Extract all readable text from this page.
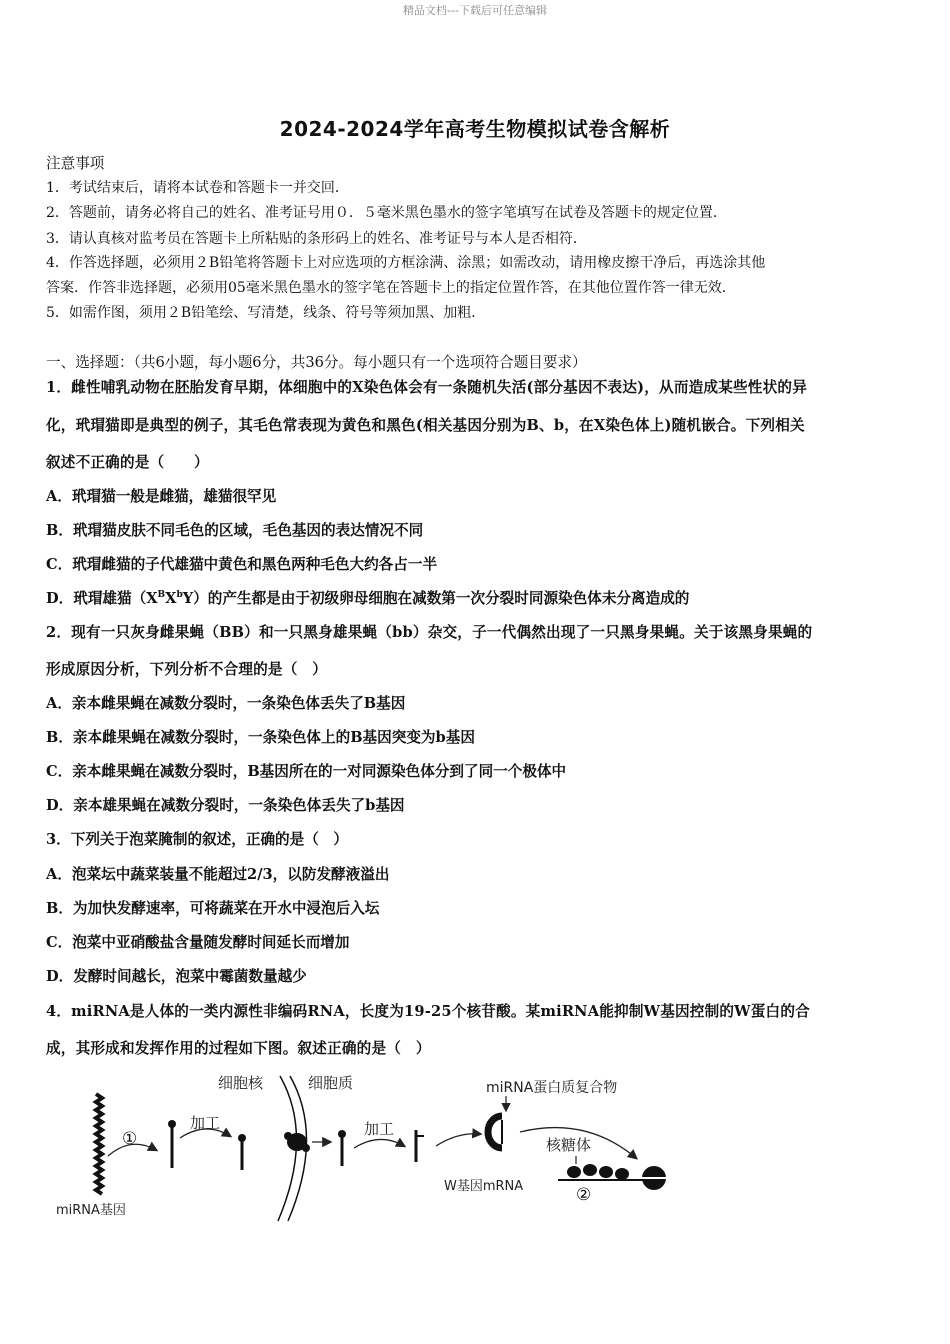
精品文档---下载后可任意编辑
2024-2024学年高考生物模拟试卷含解析
注意事项
1．考试结束后，请将本试卷和答题卡一并交回．
2．答题前，请务必将自己的姓名、准考证号用０．５毫米黑色墨水的签字笔填写在试卷及答题卡的规定位置．
3．请认真核对监考员在答题卡上所粘贴的条形码上的姓名、准考证号与本人是否相符．
4．作答选择题，必须用２B铅笔将答题卡上对应选项的方框涂满、涂黑；如需改动，请用橡皮擦干净后，再选涂其他
答案．作答非选择题，必须用05毫米黑色墨水的签字笔在答题卡上的指定位置作答，在其他位置作答一律无效．
5．如需作图，须用２B铅笔绘、写清楚，线条、符号等须加黑、加粗．
一、选择题：（共6小题，每小题6分，共36分。每小题只有一个选项符合题目要求）
1．雌性哺乳动物在胚胎发育早期，体细胞中的X染色体会有一条随机失活(部分基因不表达)，从而造成某些性状的异
化，玳瑁猫即是典型的例子，其毛色常表现为黄色和黑色(相关基因分别为B、b，在X染色体上)随机嵌合。下列相关
叙述不正确的是（　　）
A．玳瑁猫一般是雌猫，雄猫很罕见
B．玳瑁猫皮肤不同毛色的区域，毛色基因的表达情况不同
C．玳瑁雌猫的子代雄猫中黄色和黑色两种毛色大约各占一半
D．玳瑁雄猫$(X^BX^bY)$的产生都是由于初级卵母细胞在减数第一次分裂时同源染色体未分离造成的
2．现有一只灰身雌果蝇（BB）和一只黑身雄果蝇（bb）杂交，子一代偶然出现了一只黑身果蝇。关于该黑身果蝇的
形成原因分析，下列分析不合理的是（　）
A．亲本雌果蝇在减数分裂时，一条染色体丢失了B基因
B．亲本雌果蝇在减数分裂时，一条染色体上的B基因突变为b基因
C．亲本雌果蝇在减数分裂时，B基因所在的一对同源染色体分到了同一个极体中
D．亲本雄果蝇在减数分裂时，一条染色体丢失了b基因
3．下列关于泡菜腌制的叙述，正确的是（　）
A．泡菜坛中蔬菜装量不能超过2/3，以防发酵液溢出
B．为加快发酵速率，可将蔬菜在开水中浸泡后入坛
C．泡菜中亚硝酸盐含量随发酵时间延长而增加
D．发酵时间越长，泡菜中霉菌数量越少
4．miRNA是人体的一类内源性非编码RNA，长度为19-25个核苷酸。某miRNA能抑制W基因控制的W蛋白的合
成，其形成和发挥作用的过程如下图。叙述正确的是（　）
miRNA基因
①
加工
细胞核	细胞质
加工
miRNA蛋白质复合物
核糖体
W基因mRNA	②
